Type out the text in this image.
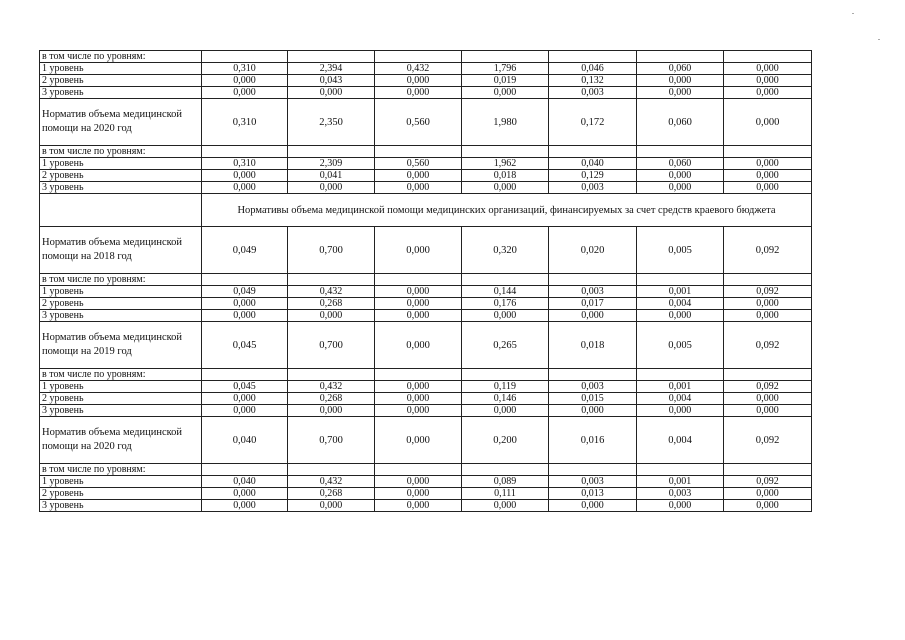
в том числе по уровням:							
1 уровень	0,310	2,394	0,432	1,796	0,046	0,060	0,000
2 уровень	0,000	0,043	0,000	0,019	0,132	0,000	0,000
3 уровень	0,000	0,000	0,000	0,000	0,003	0,000	0,000
Норматив объема медицинской помощи на 2020 год	0,310	2,350	0,560	1,980	0,172	0,060	0,000
в том числе по уровням:							
1 уровень	0,310	2,309	0,560	1,962	0,040	0,060	0,000
2 уровень	0,000	0,041	0,000	0,018	0,129	0,000	0,000
3 уровень	0,000	0,000	0,000	0,000	0,003	0,000	0,000
	Нормативы объема медицинской помощи медицинских организаций, финансируемых за счет средств краевого бюджета						
Норматив объема медицинской помощи на 2018 год	0,049	0,700	0,000	0,320	0,020	0,005	0,092
в том числе по уровням:							
1 уровень	0,049	0,432	0,000	0,144	0,003	0,001	0,092
2 уровень	0,000	0,268	0,000	0,176	0,017	0,004	0,000
3 уровень	0,000	0,000	0,000	0,000	0,000	0,000	0,000
Норматив объема медицинской помощи на 2019 год	0,045	0,700	0,000	0,265	0,018	0,005	0,092
в том числе по уровням:							
1 уровень	0,045	0,432	0,000	0,119	0,003	0,001	0,092
2 уровень	0,000	0,268	0,000	0,146	0,015	0,004	0,000
3 уровень	0,000	0,000	0,000	0,000	0,000	0,000	0,000
Норматив объема медицинской помощи на 2020 год	0,040	0,700	0,000	0,200	0,016	0,004	0,092
в том числе по уровням:							
1 уровень	0,040	0,432	0,000	0,089	0,003	0,001	0,092
2 уровень	0,000	0,268	0,000	0,111	0,013	0,003	0,000
3 уровень	0,000	0,000	0,000	0,000	0,000	0,000	0,000
